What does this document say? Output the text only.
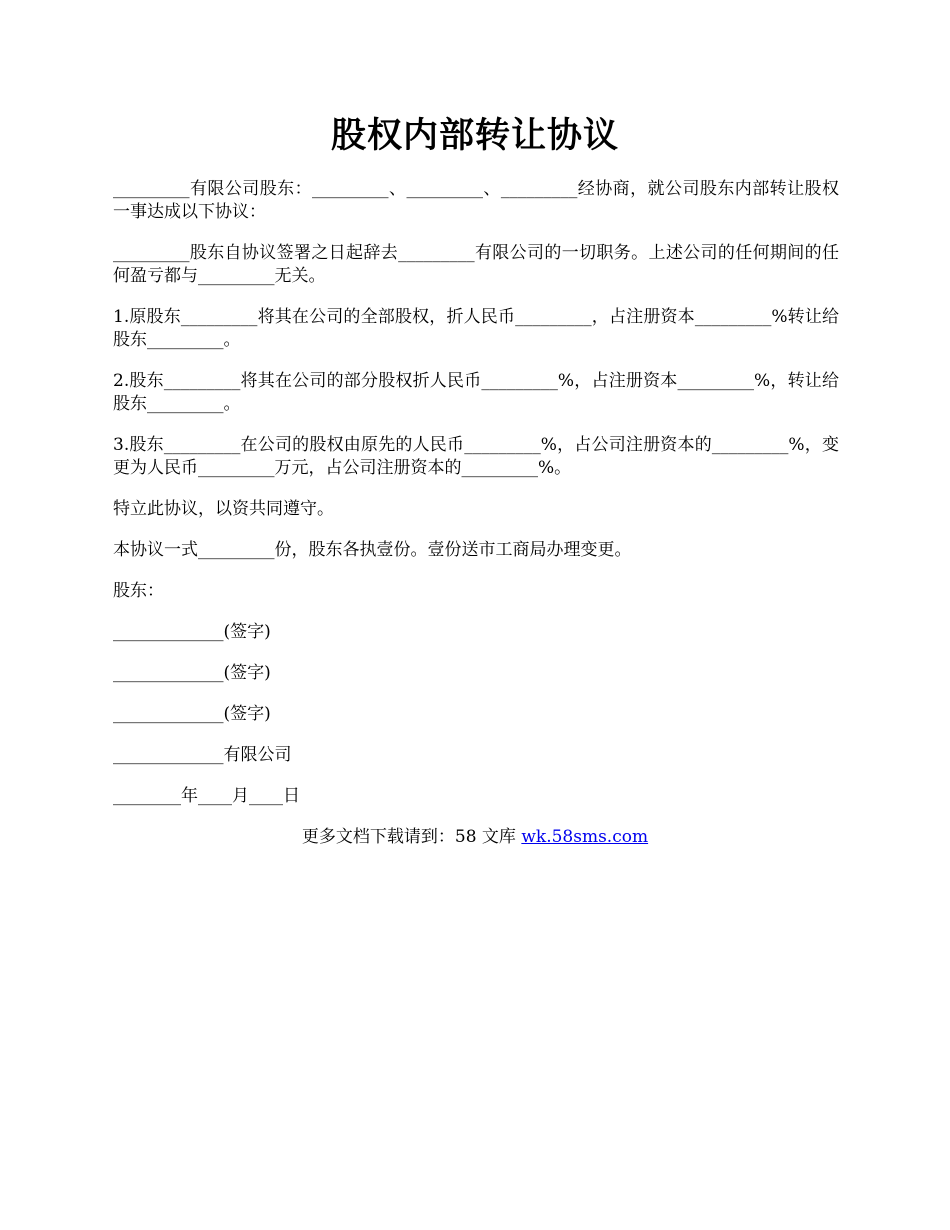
股权内部转让协议

_________有限公司股东：_________、_________、_________经协商，就公司股东内部转让股权一事达成以下协议：

_________股东自协议签署之日起辞去_________有限公司的一切职务。上述公司的任何期间的任何盈亏都与_________无关。

1.原股东_________将其在公司的全部股权，折人民币_________，占注册资本_________%转让给股东_________。

2.股东_________将其在公司的部分股权折人民币_________%，占注册资本_________%，转让给股东_________。

3.股东_________在公司的股权由原先的人民币_________%，占公司注册资本的_________%，变更为人民币_________万元，占公司注册资本的_________%。

特立此协议，以资共同遵守。

本协议一式_________份，股东各执壹份。壹份送市工商局办理变更。

股东：

_____________(签字)

_____________(签字)

_____________(签字)

_____________有限公司

________年____月____日

更多文档下载请到：58 文库 wk.58sms.com
